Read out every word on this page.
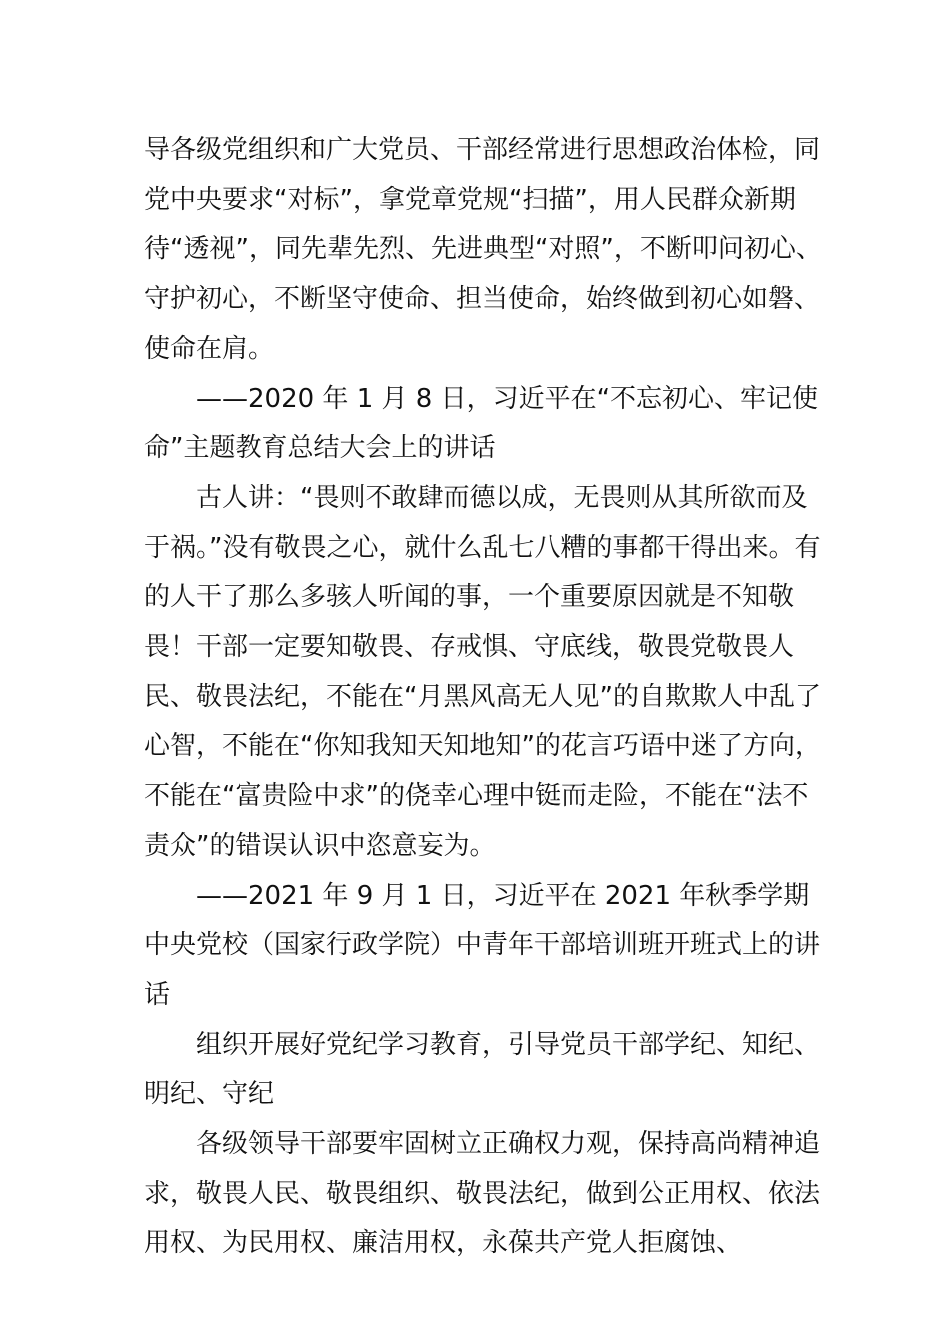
导各级党组织和广大党员、干部经常进行思想政治体检，同党中央要求“对标”，拿党章党规“扫描”，用人民群众新期待“透视”，同先辈先烈、先进典型“对照”，不断叩问初心、守护初心，不断坚守使命、担当使命，始终做到初心如磐、使命在肩。

——2020 年 1 月 8 日，习近平在“不忘初心、牢记使命”主题教育总结大会上的讲话

古人讲：“畏则不敢肆而德以成，无畏则从其所欲而及于祸。”没有敬畏之心，就什么乱七八糟的事都干得出来。有的人干了那么多骇人听闻的事，一个重要原因就是不知敬畏！干部一定要知敬畏、存戒惧、守底线，敬畏党敬畏人民、敬畏法纪，不能在“月黑风高无人见”的自欺欺人中乱了心智，不能在“你知我知天知地知”的花言巧语中迷了方向，不能在“富贵险中求”的侥幸心理中铤而走险，不能在“法不责众”的错误认识中恣意妄为。

——2021 年 9 月 1 日，习近平在 2021 年秋季学期中央党校（国家行政学院）中青年干部培训班开班式上的讲话

组织开展好党纪学习教育，引导党员干部学纪、知纪、明纪、守纪

各级领导干部要牢固树立正确权力观，保持高尚精神追求，敬畏人民、敬畏组织、敬畏法纪，做到公正用权、依法用权、为民用权、廉洁用权，永葆共产党人拒腐蚀、
